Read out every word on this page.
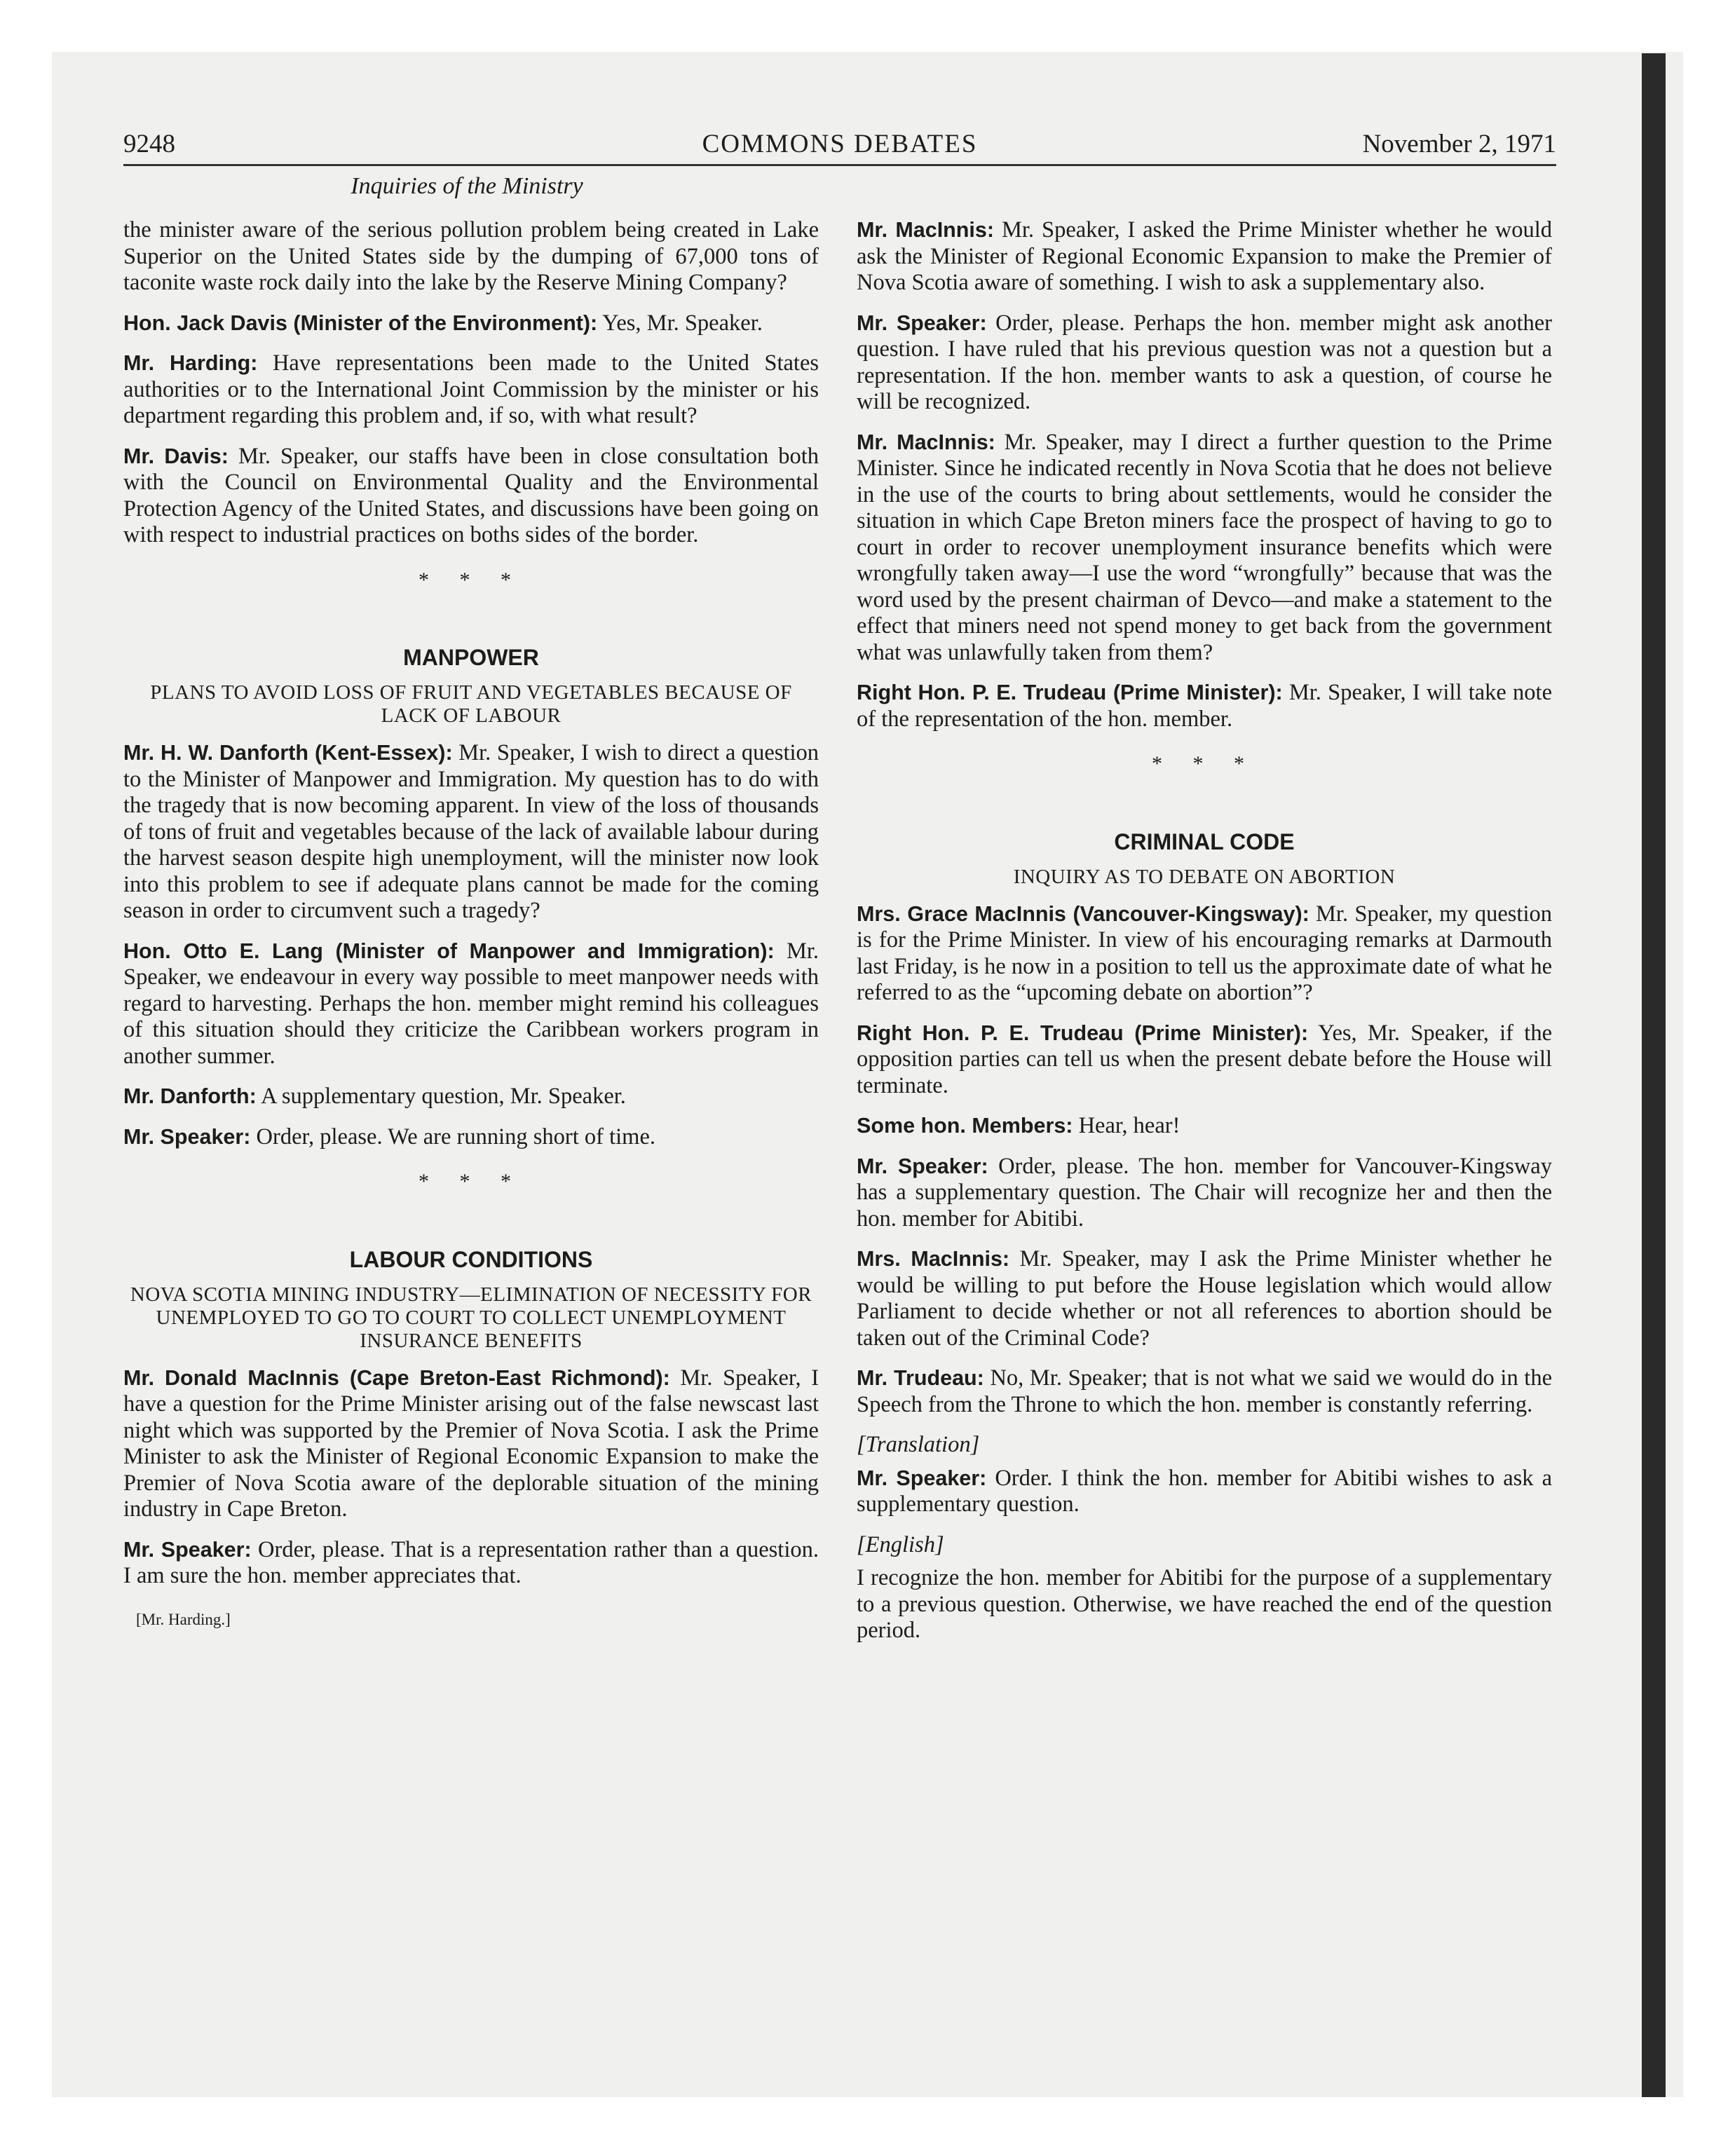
9248	COMMONS DEBATES	November 2, 1971
Inquiries of the Ministry

the minister aware of the serious pollution problem being created in Lake Superior on the United States side by the dumping of 67,000 tons of taconite waste rock daily into the lake by the Reserve Mining Company?

Hon. Jack Davis (Minister of the Environment): Yes, Mr. Speaker.

Mr. Harding: Have representations been made to the United States authorities or to the International Joint Commission by the minister or his department regarding this problem and, if so, with what result?

Mr. Davis: Mr. Speaker, our staffs have been in close consultation both with the Council on Environmental Quality and the Environmental Protection Agency of the United States, and discussions have been going on with respect to industrial practices on boths sides of the border.

* * *
MANPOWER
PLANS TO AVOID LOSS OF FRUIT AND VEGETABLES BECAUSE OF LACK OF LABOUR

Mr. H. W. Danforth (Kent-Essex): Mr. Speaker, I wish to direct a question to the Minister of Manpower and Immigration. My question has to do with the tragedy that is now becoming apparent. In view of the loss of thousands of tons of fruit and vegetables because of the lack of available labour during the harvest season despite high unemployment, will the minister now look into this problem to see if adequate plans cannot be made for the coming season in order to circumvent such a tragedy?

Hon. Otto E. Lang (Minister of Manpower and Immigration): Mr. Speaker, we endeavour in every way possible to meet manpower needs with regard to harvesting. Perhaps the hon. member might remind his colleagues of this situation should they criticize the Caribbean workers program in another summer.

Mr. Danforth: A supplementary question, Mr. Speaker.

Mr. Speaker: Order, please. We are running short of time.

* * *
LABOUR CONDITIONS
NOVA SCOTIA MINING INDUSTRY—ELIMINATION OF NECESSITY FOR UNEMPLOYED TO GO TO COURT TO COLLECT UNEMPLOYMENT INSURANCE BENEFITS

Mr. Donald MacInnis (Cape Breton-East Richmond): Mr. Speaker, I have a question for the Prime Minister arising out of the false newscast last night which was supported by the Premier of Nova Scotia. I ask the Prime Minister to ask the Minister of Regional Economic Expansion to make the Premier of Nova Scotia aware of the deplorable situation of the mining industry in Cape Breton.

Mr. Speaker: Order, please. That is a representation rather than a question. I am sure the hon. member appreciates that.

[Mr. Harding.]

Mr. MacInnis: Mr. Speaker, I asked the Prime Minister whether he would ask the Minister of Regional Economic Expansion to make the Premier of Nova Scotia aware of something. I wish to ask a supplementary also.

Mr. Speaker: Order, please. Perhaps the hon. member might ask another question. I have ruled that his previous question was not a question but a representation. If the hon. member wants to ask a question, of course he will be recognized.

Mr. MacInnis: Mr. Speaker, may I direct a further question to the Prime Minister. Since he indicated recently in Nova Scotia that he does not believe in the use of the courts to bring about settlements, would he consider the situation in which Cape Breton miners face the prospect of having to go to court in order to recover unemployment insurance benefits which were wrongfully taken away—I use the word “wrongfully” because that was the word used by the present chairman of Devco—and make a statement to the effect that miners need not spend money to get back from the government what was unlawfully taken from them?

Right Hon. P. E. Trudeau (Prime Minister): Mr. Speaker, I will take note of the representation of the hon. member.

* * *
CRIMINAL CODE
INQUIRY AS TO DEBATE ON ABORTION

Mrs. Grace MacInnis (Vancouver-Kingsway): Mr. Speaker, my question is for the Prime Minister. In view of his encouraging remarks at Darmouth last Friday, is he now in a position to tell us the approximate date of what he referred to as the “upcoming debate on abortion”?

Right Hon. P. E. Trudeau (Prime Minister): Yes, Mr. Speaker, if the opposition parties can tell us when the present debate before the House will terminate.

Some hon. Members: Hear, hear!

Mr. Speaker: Order, please. The hon. member for Vancouver-Kingsway has a supplementary question. The Chair will recognize her and then the hon. member for Abitibi.

Mrs. MacInnis: Mr. Speaker, may I ask the Prime Minister whether he would be willing to put before the House legislation which would allow Parliament to decide whether or not all references to abortion should be taken out of the Criminal Code?

Mr. Trudeau: No, Mr. Speaker; that is not what we said we would do in the Speech from the Throne to which the hon. member is constantly referring.

[Translation]

Mr. Speaker: Order. I think the hon. member for Abitibi wishes to ask a supplementary question.

[English]

I recognize the hon. member for Abitibi for the purpose of a supplementary to a previous question. Otherwise, we have reached the end of the question period.
